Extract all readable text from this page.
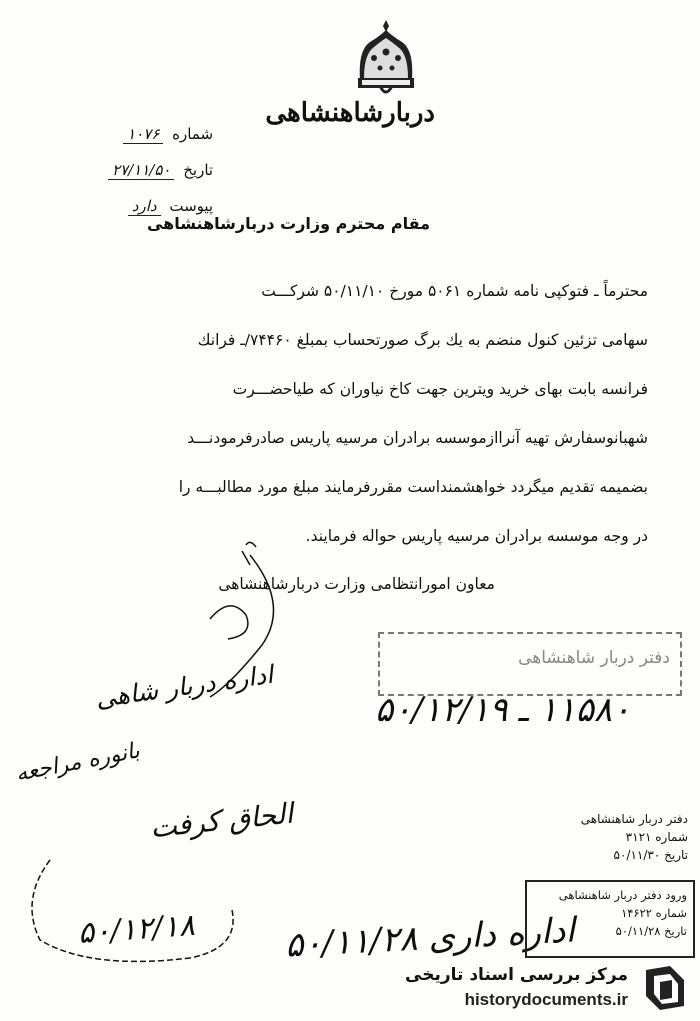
دربارشاهنشاهی
شماره ۱۰۷۶
تاریخ ۲۷/۱۱/۵۰
پیوست دارد
مقام محترم وزارت دربارشاهنشاهی
محترماً ـ فتوکپی نامه شماره ۵۰۶۱ مورخ ۵۰/۱۱/۱۰ شرکـــت
سهامی تزئین کنول منضم به یك برگ صورتحساب بمبلغ ۷۴۴۶۰/ـ فرانك
فرانسه بابت بهای خرید ویترین جهت کاخ نیاوران که طیاحضـــرت
شهبانوسفارش تهیه آنراازموسسه برادران مرسیه پاریس صادرفرمودنـــد
بضمیمه تقدیم میگردد خواهشمنداست مقررفرمایند مبلغ مورد مطالبـــه را
در وجه موسسه برادران مرسیه پاریس حواله فرمایند.
معاون امورانتظامی وزارت دربارشاهنشاهی
دفتر دربار شاهنشاهی
۱۱۵۸۰ ـ ۵۰/۱۲/۱۹
اداره دربار شاهی
بانوره مراجعه
الحاق کرفت
۵۰/۱۲/۱۸	اداره داری ۵۰/۱۱/۲۸
دفتر دربار شاهنشاهی
شماره ۳۱۲۱
تاریخ ۵۰/۱۱/۳۰
ورود دفتر دربار شاهنشاهی
شماره ۱۴۶۲۲
تاریخ ۵۰/۱۱/۲۸
مرکز بررسی اسناد تاریخی
historydocuments.ir
